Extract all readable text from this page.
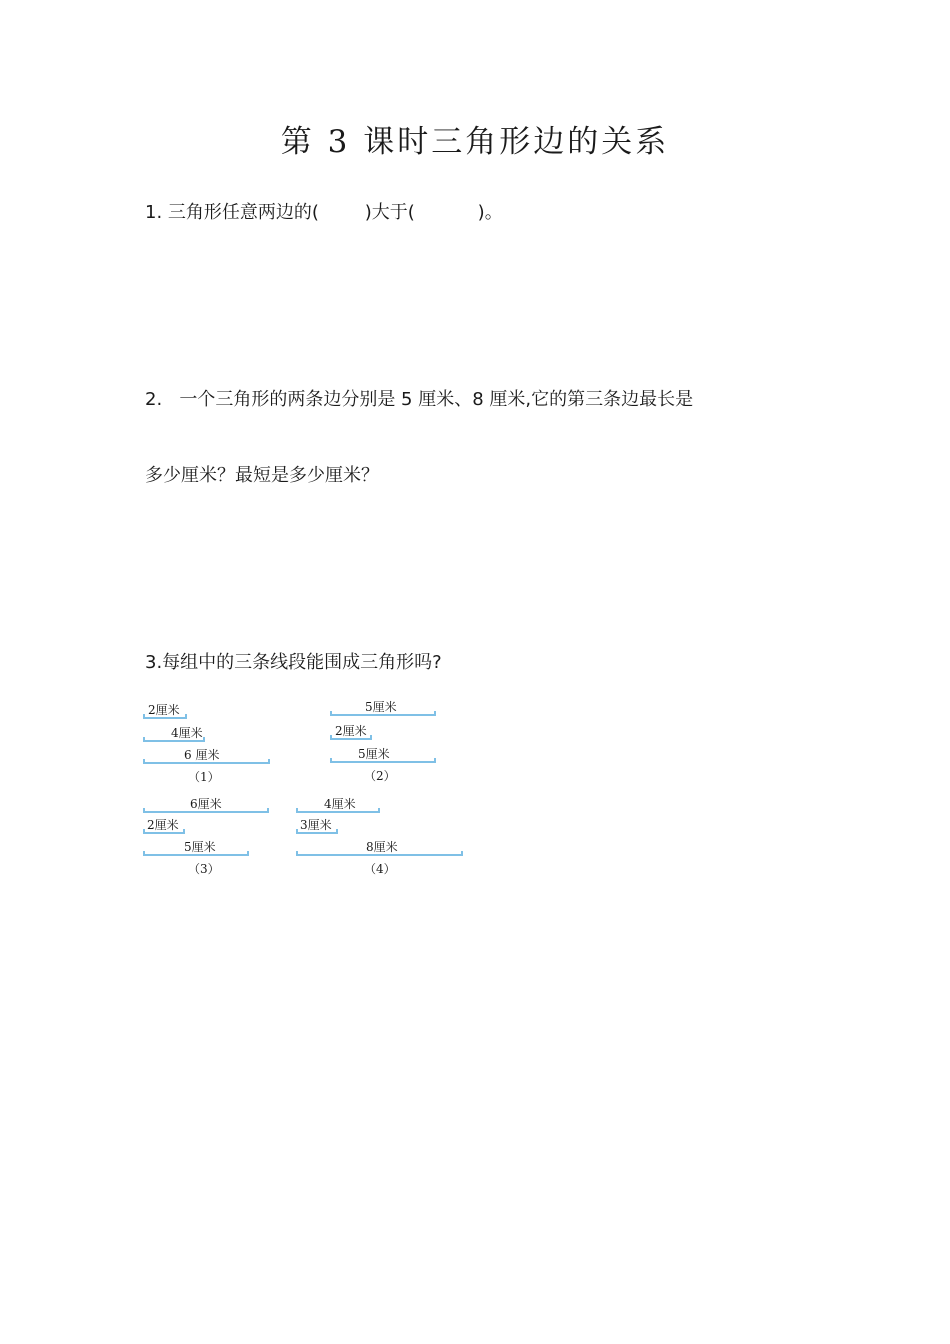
第 3 课时三角形边的关系
1. 三角形任意两边的(        )大于(           )。
2.   一个三角形的两条边分别是 5 厘米、8 厘米,它的第三条边最长是
多少厘米？最短是多少厘米？
3.每组中的三条线段能围成三角形吗?
2厘米
4厘米
6 厘米
（1）
5厘米
2厘米
5厘米
（2）
6厘米
2厘米
5厘米
（3）
4厘米
3厘米
8厘米
（4）
